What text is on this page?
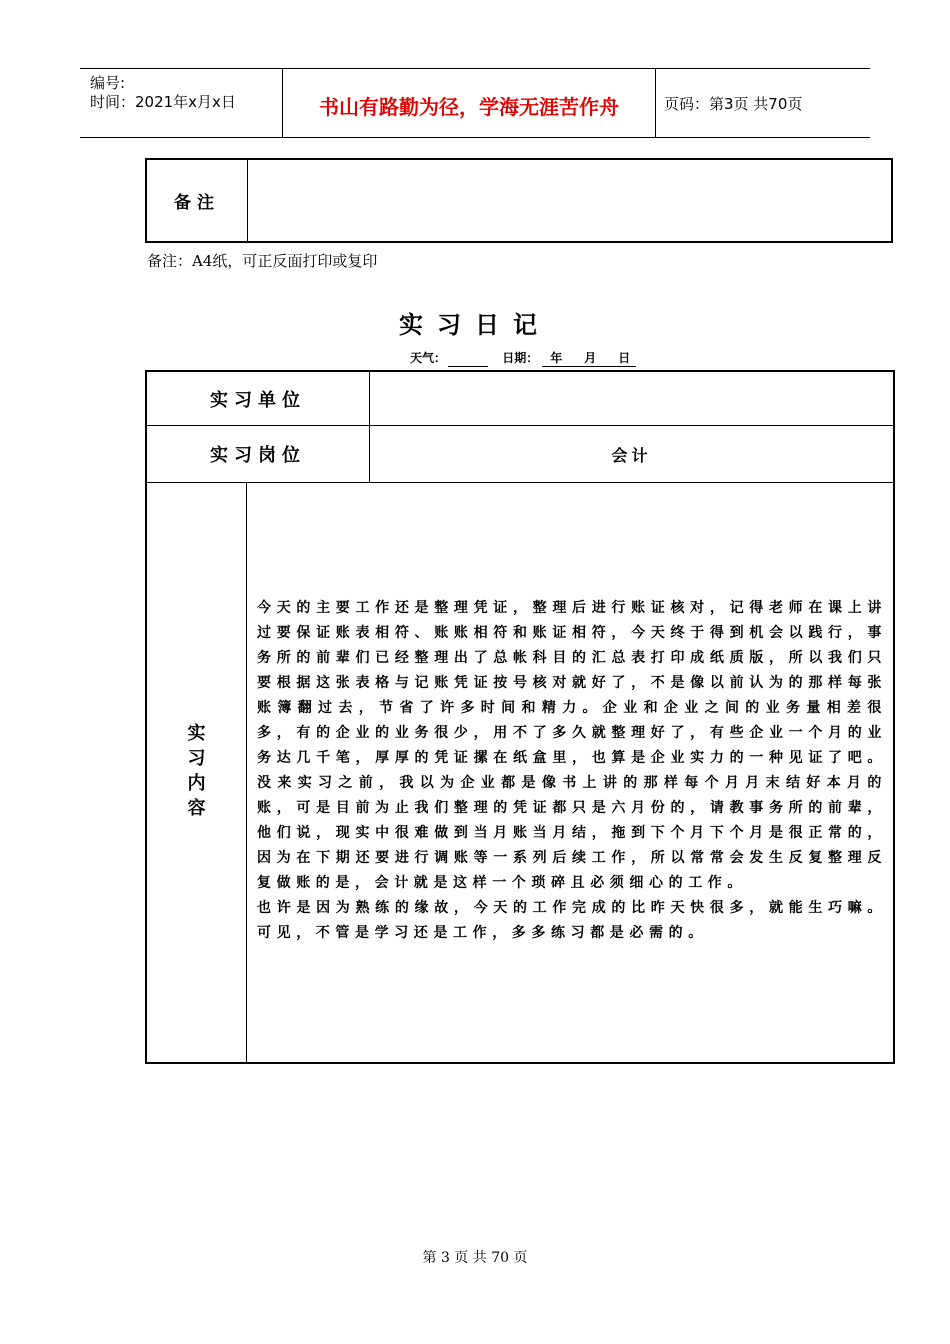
编号:
时间：2021年x月x日	书山有路勤为径，学海无涯苦作舟	页码：第3页 共70页
备注
备注：A4纸，可正反面打印或复印
实习日记
天气：	日期： 年 月 日
实习单位
实习岗位	会计
实
习
内
容

今天的主要工作还是整理凭证，整理后进行账证核对，记得老师在课上讲过要保证账表相符、账账相符和账证相符，今天终于得到机会以践行，事务所的前辈们已经整理出了总帐科目的汇总表打印成纸质版，所以我们只要根据这张表格与记账凭证按号核对就好了，不是像以前认为的那样每张账簿翻过去，节省了许多时间和精力。企业和企业之间的业务量相差很多，有的企业的业务很少，用不了多久就整理好了，有些企业一个月的业务达几千笔，厚厚的凭证摞在纸盒里，也算是企业实力的一种见证了吧。没来实习之前，我以为企业都是像书上讲的那样每个月月末结好本月的账，可是目前为止我们整理的凭证都只是六月份的，请教事务所的前辈，他们说，现实中很难做到当月账当月结，拖到下个月下个月是很正常的，因为在下期还要进行调账等一系列后续工作，所以常常会发生反复整理反复做账的是，会计就是这样一个琐碎且必须细心的工作。

也许是因为熟练的缘故，今天的工作完成的比昨天快很多，就能生巧嘛。可见，不管是学习还是工作，多多练习都是必需的。

第 3 页 共 70 页
